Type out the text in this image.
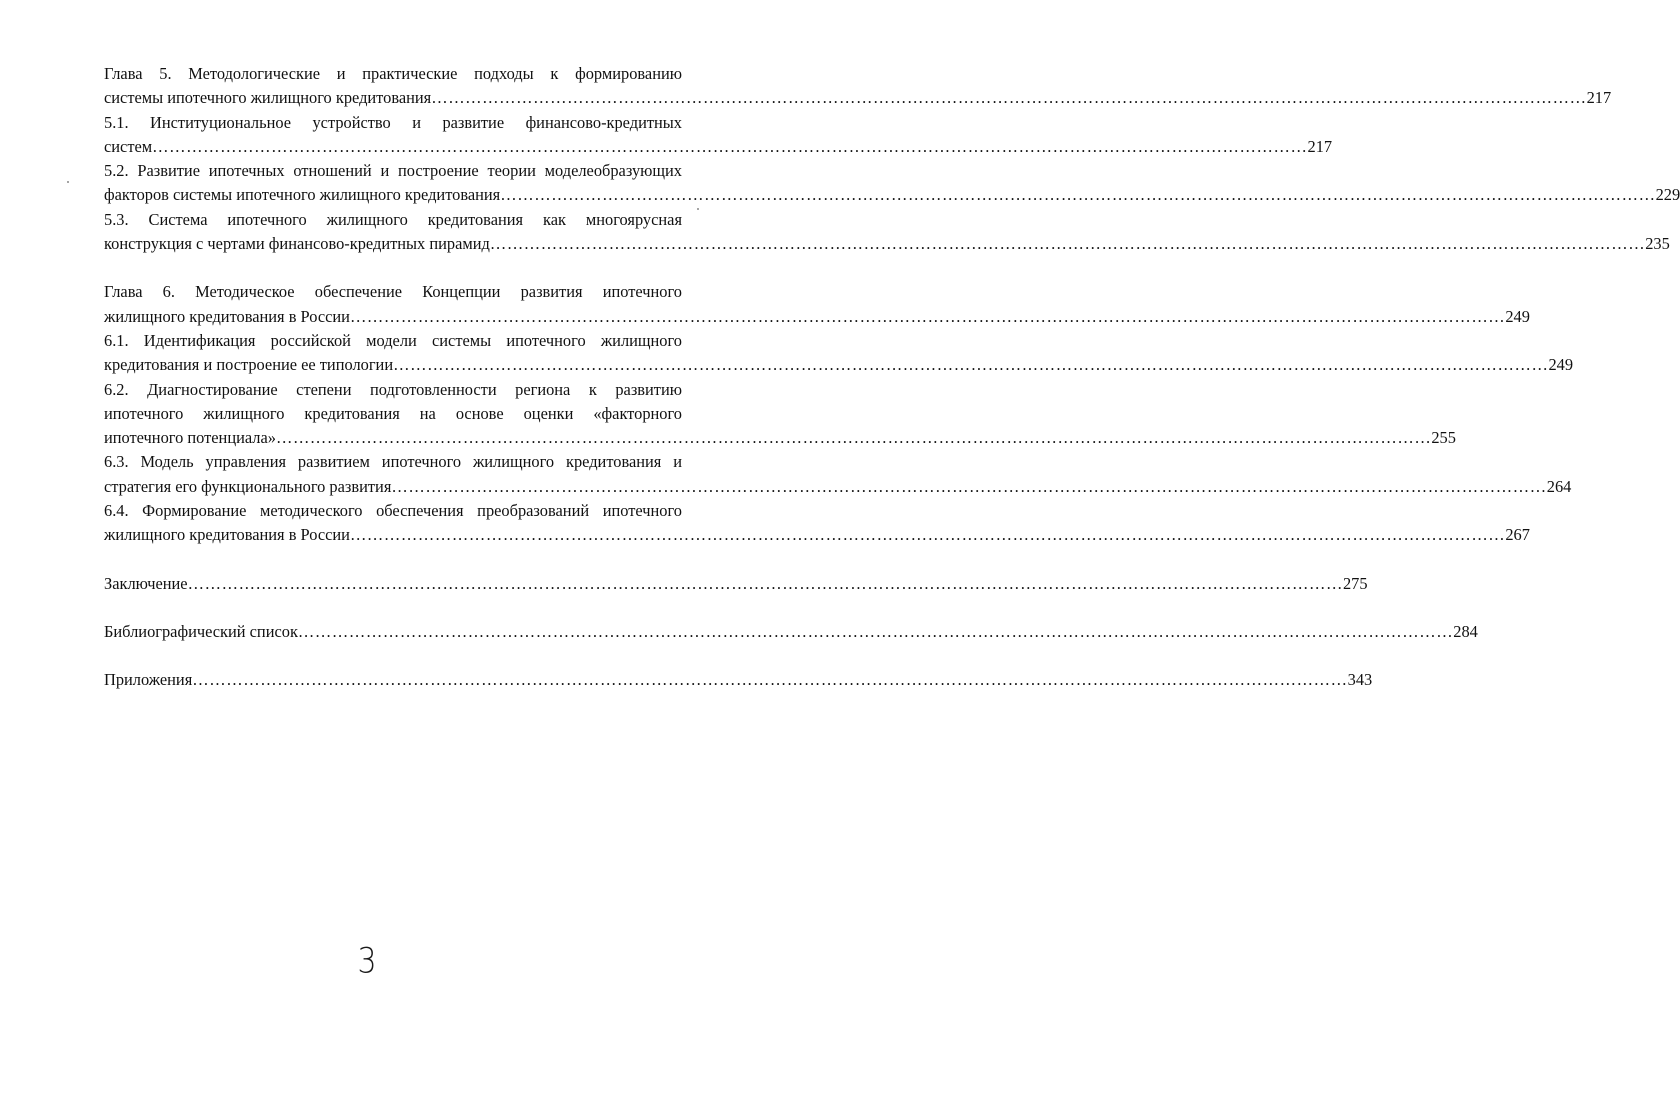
Глава 5. Методологические и практические подходы к формированию
системы ипотечного жилищного кредитования ……………………………………………………………………………………………………………………………………………………………………………………	217
5.1. Институциональное устройство и развитие финансово-кредитных
систем ……………………………………………………………………………………………………………………………………………………………………………………	217
5.2. Развитие ипотечных отношений и построение теории моделеобразующих
факторов системы ипотечного жилищного кредитования ……………………………………………………………………………………………………………………………………………………………………………………	229
5.3. Система ипотечного жилищного кредитования как многоярусная
конструкция с чертами финансово-кредитных пирамид ……………………………………………………………………………………………………………………………………………………………………………………	235
Глава 6. Методическое обеспечение Концепции развития ипотечного
жилищного кредитования в России ……………………………………………………………………………………………………………………………………………………………………………………	249
6.1. Идентификация российской модели системы ипотечного жилищного
кредитования и построение ее типологии ……………………………………………………………………………………………………………………………………………………………………………………	249
6.2. Диагностирование степени подготовленности региона к развитию
ипотечного жилищного кредитования на основе оценки «факторного
ипотечного потенциала» ……………………………………………………………………………………………………………………………………………………………………………………	255
6.3. Модель управления развитием ипотечного жилищного кредитования и
стратегия его функционального развития ……………………………………………………………………………………………………………………………………………………………………………………	264
6.4. Формирование методического обеспечения преобразований ипотечного
жилищного кредитования в России ……………………………………………………………………………………………………………………………………………………………………………………	267
Заключение ……………………………………………………………………………………………………………………………………………………………………………………	275
Библиографический список ……………………………………………………………………………………………………………………………………………………………………………………	284
Приложения ……………………………………………………………………………………………………………………………………………………………………………………	343
3
